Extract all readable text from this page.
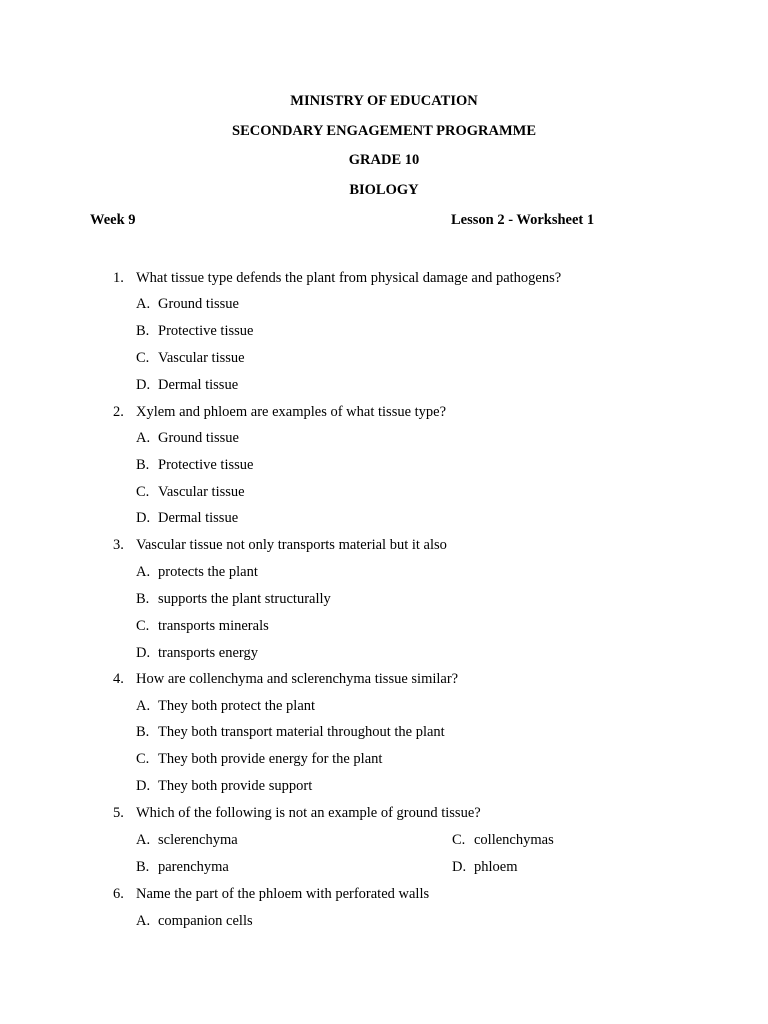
MINISTRY OF EDUCATION
SECONDARY ENGAGEMENT PROGRAMME
GRADE 10
BIOLOGY
Week 9	Lesson 2 - Worksheet 1
1. What tissue type defends the plant from physical damage and pathogens?
A. Ground tissue
B. Protective tissue
C. Vascular tissue
D. Dermal tissue
2. Xylem and phloem are examples of what tissue type?
A. Ground tissue
B. Protective tissue
C. Vascular tissue
D. Dermal tissue
3. Vascular tissue not only transports material but it also
A. protects the plant
B. supports the plant structurally
C. transports minerals
D. transports energy
4. How are collenchyma and sclerenchyma tissue similar?
A. They both protect the plant
B. They both transport material throughout the plant
C. They both provide energy for the plant
D. They both provide support
5. Which of the following is not an example of ground tissue?
A. sclerenchyma
B. parenchyma
C. collenchymas
D. phloem
6. Name the part of the phloem with perforated walls
A. companion cells
